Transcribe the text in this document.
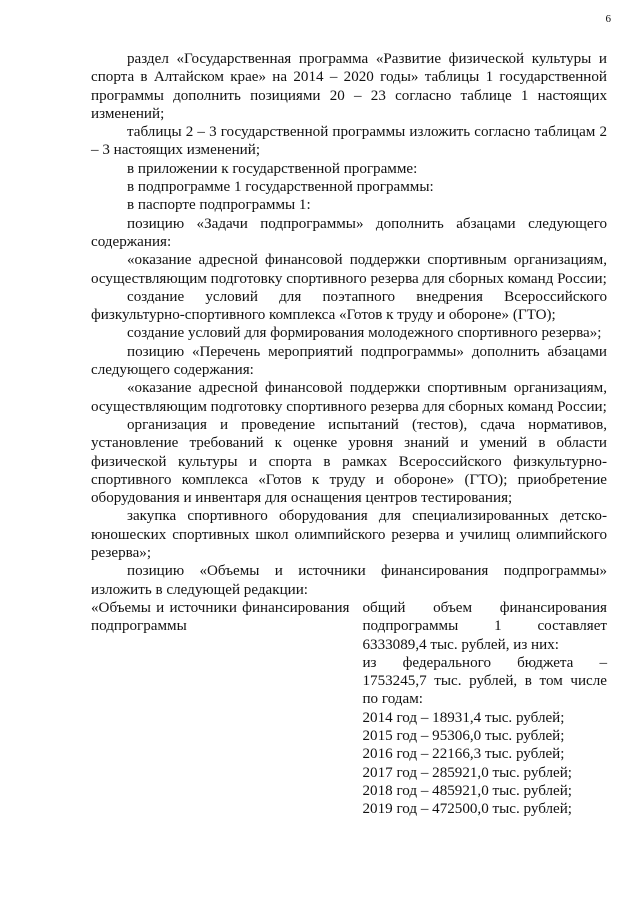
6

раздел «Государственная программа «Развитие физической культуры и спорта в Алтайском крае» на 2014 – 2020 годы» таблицы 1 государственной программы дополнить позициями 20 – 23 согласно таблице 1 настоящих изменений;

таблицы 2 – 3 государственной программы изложить согласно таблицам 2 – 3 настоящих изменений;

в приложении к государственной программе:

в подпрограмме 1 государственной программы:

в паспорте подпрограммы 1:

позицию «Задачи подпрограммы» дополнить абзацами следующего содержания:

«оказание адресной финансовой поддержки спортивным организациям, осуществляющим подготовку спортивного резерва для сборных команд России;

создание условий для поэтапного внедрения Всероссийского физкультурно-спортивного комплекса «Готов к труду и обороне» (ГТО);

создание условий для формирования молодежного спортивного резерва»;

позицию «Перечень мероприятий подпрограммы» дополнить абзацами следующего содержания:

«оказание адресной финансовой поддержки спортивным организациям, осуществляющим подготовку спортивного резерва для сборных команд России;

организация и проведение испытаний (тестов), сдача нормативов, установление требований к оценке уровня знаний и умений в области физической культуры и спорта в рамках Всероссийского физкультурно-спортивного комплекса «Готов к труду и обороне» (ГТО); приобретение оборудования и инвентаря для оснащения центров тестирования;

закупка спортивного оборудования для специализированных детско-юношеских спортивных школ олимпийского резерва и училищ олимпийского резерва»;

позицию «Объемы и источники финансирования подпрограммы» изложить в следующей редакции:

«Объемы и источники финансирования подпрограммы

общий объем финансирования подпрограммы 1 составляет 6333089,4 тыс. рублей, из них:

из федерального бюджета – 1753245,7 тыс. рублей, в том числе по годам:

2014 год – 18931,4 тыс. рублей;
2015 год – 95306,0 тыс. рублей;
2016 год – 22166,3 тыс. рублей;
2017 год – 285921,0 тыс. рублей;
2018 год – 485921,0 тыс. рублей;
2019 год – 472500,0 тыс. рублей;
